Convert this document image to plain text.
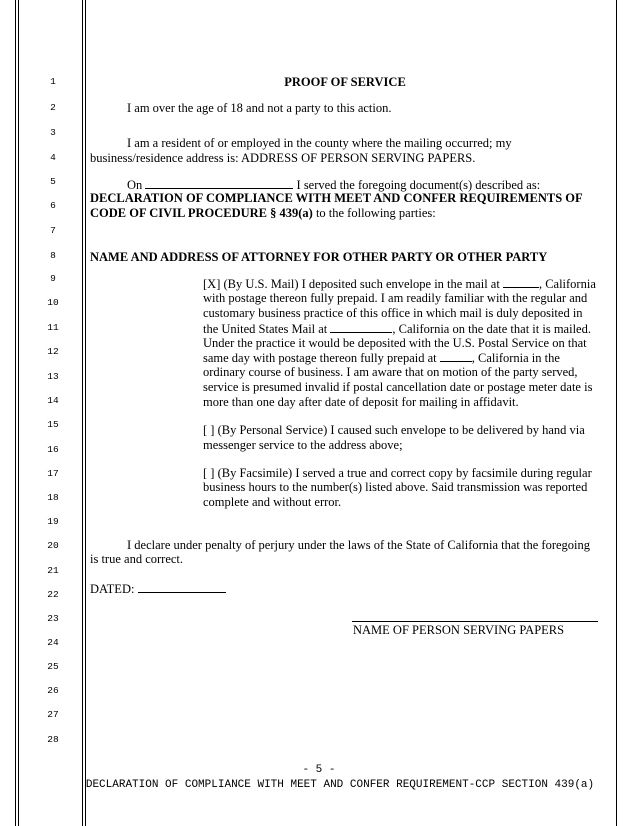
1
2
3
4
5
6
7
8
9
10
11
12
13
14
15
16
17
18
19
20
21
22
23
24
25
26
27
28
PROOF OF SERVICE
I am over the age of 18 and not a party to this action.
I am a resident of or employed in the county where the mailing occurred; my
business/residence address is: ADDRESS OF PERSON SERVING PAPERS.
On	I served the foregoing document(s) described as:
DECLARATION OF COMPLIANCE WITH MEET AND CONFER REQUIREMENTS OF
CODE OF CIVIL PROCEDURE § 439(a) to the following parties:
NAME AND ADDRESS OF ATTORNEY FOR OTHER PARTY OR OTHER PARTY
[X] (By U.S. Mail) I deposited such envelope in the mail at	, California
with postage thereon fully prepaid. I am readily familiar with the regular and
customary business practice of this office in which mail is duly deposited in
the United States Mail at	, California on the date that it is mailed.
Under the practice it would be deposited with the U.S. Postal Service on that
same day with postage thereon fully prepaid at	, California in the
ordinary course of business. I am aware that on motion of the party served,
service is presumed invalid if postal cancellation date or postage meter date is
more than one day after date of deposit for mailing in affidavit.
[ ] (By Personal Service) I caused such envelope to be delivered by hand via
messenger service to the address above;
[ ] (By Facsimile) I served a true and correct copy by facsimile during regular
business hours to the number(s) listed above. Said transmission was reported
complete and without error.
I declare under penalty of perjury under the laws of the State of California that the foregoing
is true and correct.
DATED:
NAME OF PERSON SERVING PAPERS
- 5 -
DECLARATION OF COMPLIANCE WITH MEET AND CONFER REQUIREMENT-CCP SECTION 439(a)
